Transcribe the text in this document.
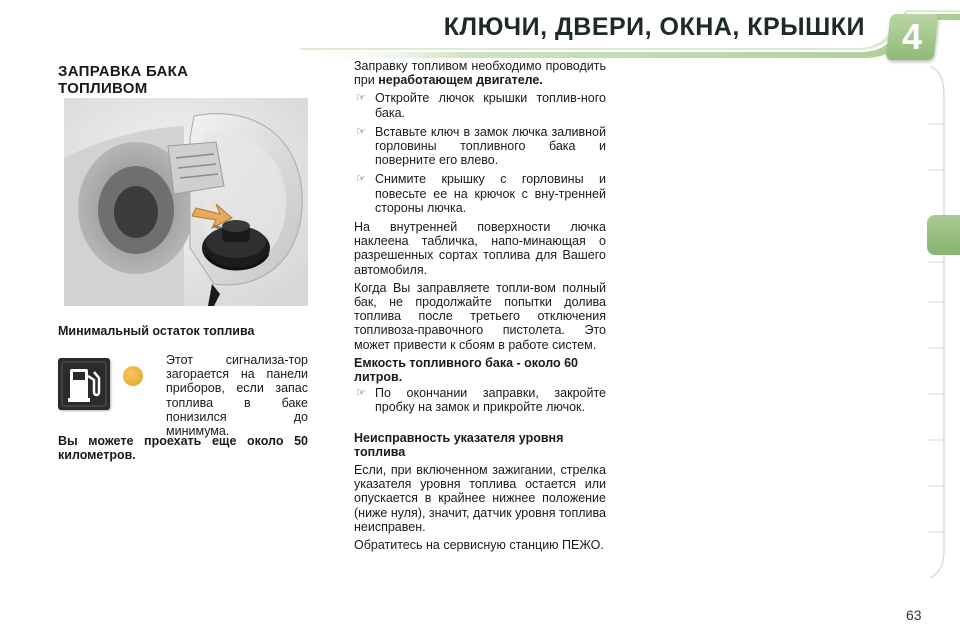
КЛЮЧИ, ДВЕРИ, ОКНА, КРЫШКИ	4
ЗАПРАВКА БАКА
ТОПЛИВОМ
Минимальный остаток топлива
Этот сигнализа-тор загорается на панели приборов, если запас топлива в баке понизился до минимума.
Вы можете проехать еще около 50 километров.

Заправку топливом необходимо проводить при неработающем двигателе.

☞ Откройте лючок крышки топлив-ного бака.
☞ Вставьте ключ в замок лючка заливной горловины топливного бака и поверните его влево.
☞ Снимите крышку с горловины и повесьте ее на крючок с вну-тренней стороны лючка.

На внутренней поверхности лючка наклеена табличка, напо-минающая о разрешенных сортах топлива для Вашего автомобиля.

Когда Вы заправляете топли-вом полный бак, не продолжайте попытки долива топлива после третьего отключения топливоза-правочного пистолета. Это может привести к сбоям в работе систем.

Емкость топливного бака - около 60 литров.

☞ По окончании заправки, закройте пробку на замок и прикройте лючок.

Неисправность указателя уровня топлива

Если, при включенном зажигании, стрелка указателя уровня топлива остается или опускается в крайнее нижнее положение (ниже нуля), значит, датчик уровня топлива неисправен.

Обратитесь на сервисную станцию ПЕЖО.

63
